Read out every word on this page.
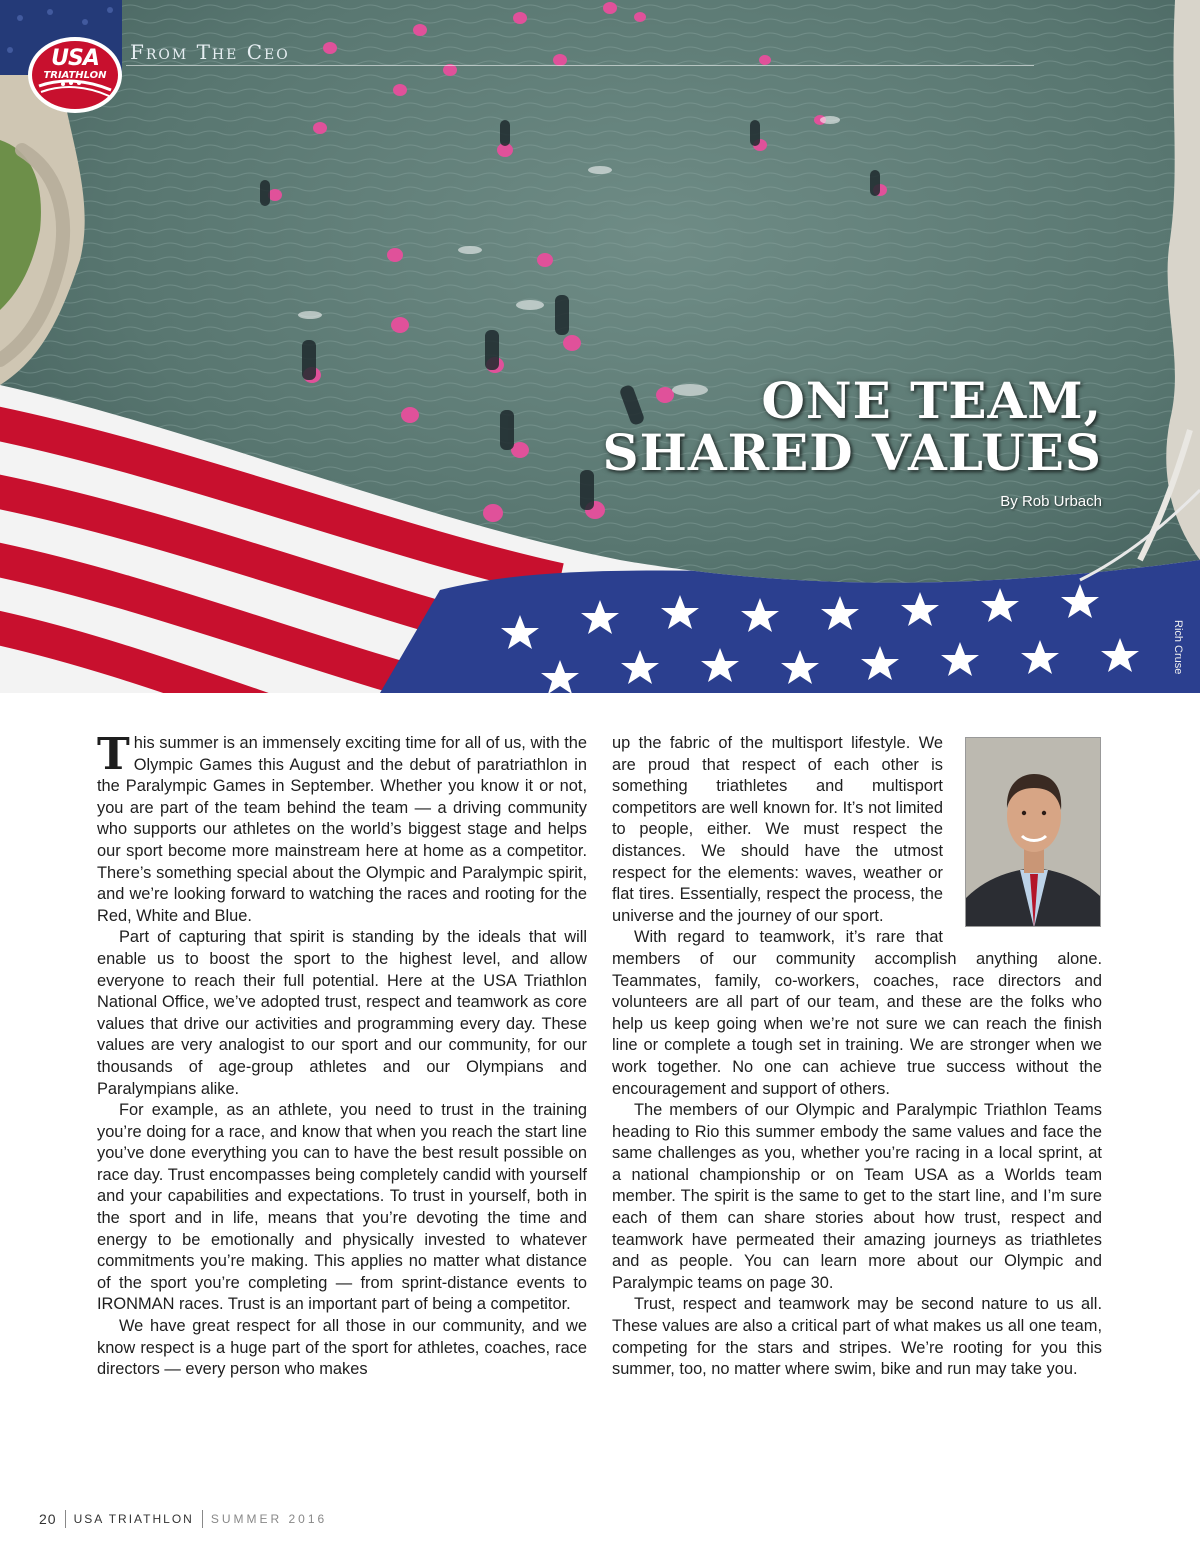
USA
TRIATHLON
From The Ceo
ONE TEAM,
SHARED VALUES
By Rob Urbach
Rich Cruse

This summer is an immensely exciting time for all of us, with the Olympic Games this August and the debut of paratriathlon in the Paralympic Games in September. Whether you know it or not, you are part of the team behind the team — a driving community who supports our athletes on the world’s biggest stage and helps our sport become more mainstream here at home as a competitor. There’s something special about the Olympic and Paralympic spirit, and we’re looking forward to watching the races and rooting for the Red, White and Blue.

Part of capturing that spirit is standing by the ideals that will enable us to boost the sport to the highest level, and allow everyone to reach their full potential. Here at the USA Triathlon National Office, we’ve adopted trust, respect and teamwork as core values that drive our activities and programming every day. These values are very analogist to our sport and our community, for our thousands of age-group athletes and our Olympians and Paralympians alike.

For example, as an athlete, you need to trust in the training you’re doing for a race, and know that when you reach the start line you’ve done everything you can to have the best result possible on race day. Trust encompasses being completely candid with yourself and your capabilities and expectations. To trust in yourself, both in the sport and in life, means that you’re devoting the time and energy to be emotionally and physically invested to whatever commitments you’re making. This applies no matter what distance of the sport you’re completing — from sprint-distance events to IRONMAN races. Trust is an important part of being a competitor.

We have great respect for all those in our community, and we know respect is a huge part of the sport for athletes, coaches, race directors — every person who makes

up the fabric of the multisport lifestyle. We are proud that respect of each other is something triathletes and multisport competitors are well known for. It’s not limited to people, either. We must respect the distances. We should have the utmost respect for the elements: waves, weather or flat tires. Essentially, respect the process, the universe and the journey of our sport.

With regard to teamwork, it’s rare that members of our community accomplish anything alone. Teammates, family, co-workers, coaches, race directors and volunteers are all part of our team, and these are the folks who help us keep going when we’re not sure we can reach the finish line or complete a tough set in training. We are stronger when we work together. No one can achieve true success without the encouragement and support of others.

The members of our Olympic and Paralympic Triathlon Teams heading to Rio this summer embody the same values and face the same challenges as you, whether you’re racing in a local sprint, at a national championship or on Team USA as a Worlds team member. The spirit is the same to get to the start line, and I’m sure each of them can share stories about how trust, respect and teamwork have permeated their amazing journeys as triathletes and as people. You can learn more about our Olympic and Paralympic teams on page 30.

Trust, respect and teamwork may be second nature to us all. These values are also a critical part of what makes us all one team, competing for the stars and stripes. We’re rooting for you this summer, too, no matter where swim, bike and run may take you.

20 USA TRIATHLON SUMMER 2016
